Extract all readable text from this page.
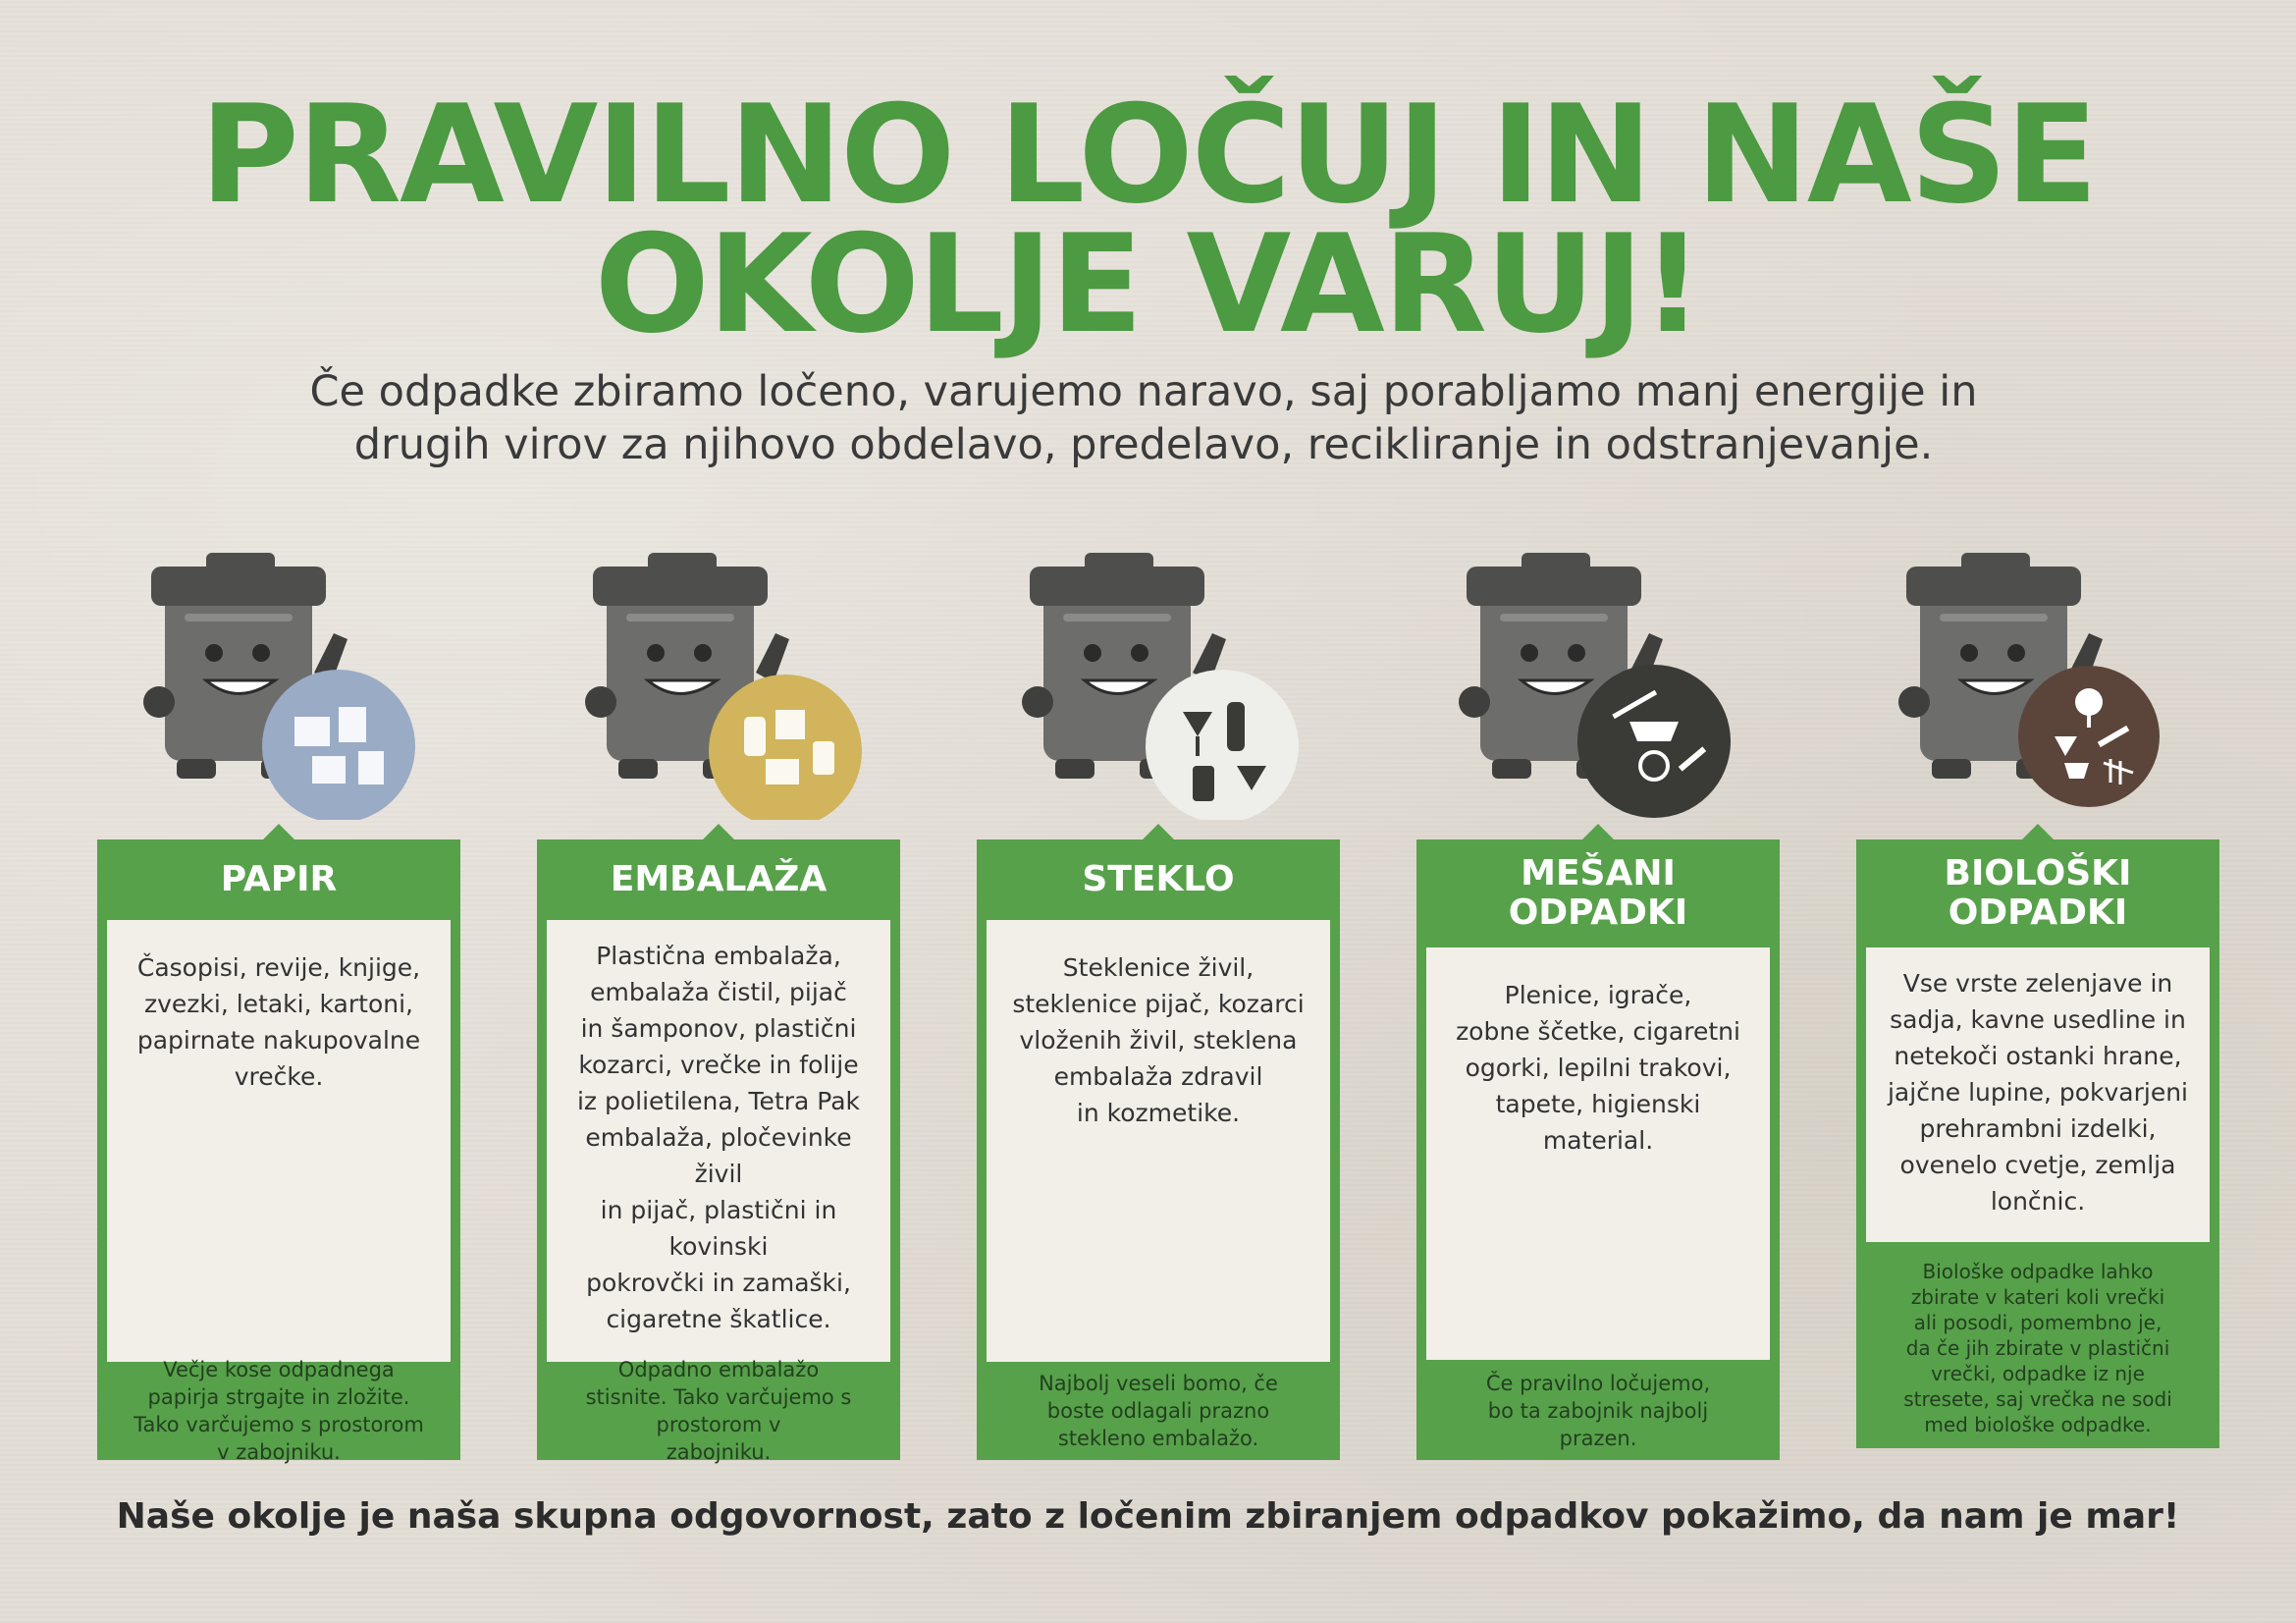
PRAVILNO LOČUJ IN NAŠE
OKOLJE VARUJ!
Če odpadke zbiramo ločeno, varujemo naravo, saj porabljamo manj energije in
drugih virov za njihovo obdelavo, predelavo, recikliranje in odstranjevanje.
PAPIR
Časopisi, revije, knjige,
zvezki, letaki, kartoni,
papirnate nakupovalne
vrečke.
Večje kose odpadnega
papirja strgajte in zložite.
Tako varčujemo s prostorom
v zabojniku.
EMBALAŽA
Plastična embalaža,
embalaža čistil, pijač
in šamponov, plastični
kozarci, vrečke in folije
iz polietilena, Tetra Pak
embalaža, pločevinke živil
in pijač, plastični in kovinski
pokrovčki in zamaški,
cigaretne škatlice.
Odpadno embalažo
stisnite. Tako varčujemo s
prostorom v
zabojniku.
STEKLO
Steklenice živil,
steklenice pijač, kozarci
vloženih živil, steklena
embalaža zdravil
in kozmetike.
Najbolj veseli bomo, če
boste odlagali prazno
stekleno embalažo.
MEŠANI
ODPADKI
Plenice, igrače,
zobne ščetke, cigaretni
ogorki, lepilni trakovi,
tapete, higienski
material.
Če pravilno ločujemo,
bo ta zabojnik najbolj
prazen.
BIOLOŠKI
ODPADKI
Vse vrste zelenjave in
sadja, kavne usedline in
netekoči ostanki hrane,
jajčne lupine, pokvarjeni
prehrambni izdelki,
ovenelo cvetje, zemlja
lončnic.
Biološke odpadke lahko
zbirate v kateri koli vrečki
ali posodi, pomembno je,
da če jih zbirate v plastični
vrečki, odpadke iz nje
stresete, saj vrečka ne sodi
med biološke odpadke.
Naše okolje je naša skupna odgovornost, zato z ločenim zbiranjem odpadkov pokažimo, da nam je mar!
